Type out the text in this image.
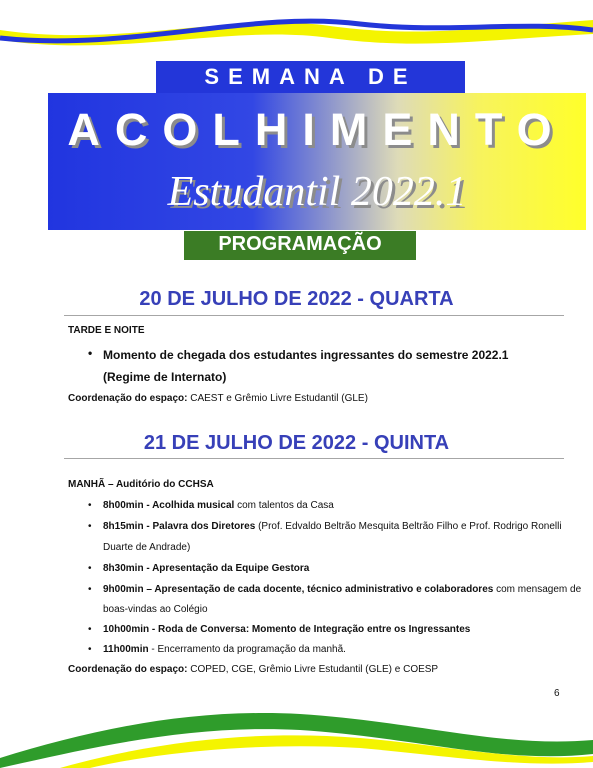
SEMANA DE
ACOLHIMENTO
Estudantil 2022.1
PROGRAMAÇÃO
20 DE JULHO DE 2022 - QUARTA
TARDE E NOITE
• Momento de chegada dos estudantes ingressantes do semestre 2022.1
(Regime de Internato)
Coordenação do espaço: CAEST e Grêmio Livre Estudantil (GLE)
21 DE JULHO DE 2022 - QUINTA
MANHÃ – Auditório do CCHSA
• 8h00min - Acolhida musical com talentos da Casa
• 8h15min - Palavra dos Diretores (Prof. Edvaldo Beltrão Mesquita Beltrão Filho e Prof. Rodrigo Ronelli
Duarte de Andrade)
• 8h30min - Apresentação da Equipe Gestora
• 9h00min – Apresentação de cada docente, técnico administrativo e colaboradores com mensagem de
boas-vindas ao Colégio
• 10h00min - Roda de Conversa: Momento de Integração entre os Ingressantes
• 11h00min - Encerramento da programação da manhã.
Coordenação do espaço: COPED, CGE, Grêmio Livre Estudantil (GLE) e COESP
6
